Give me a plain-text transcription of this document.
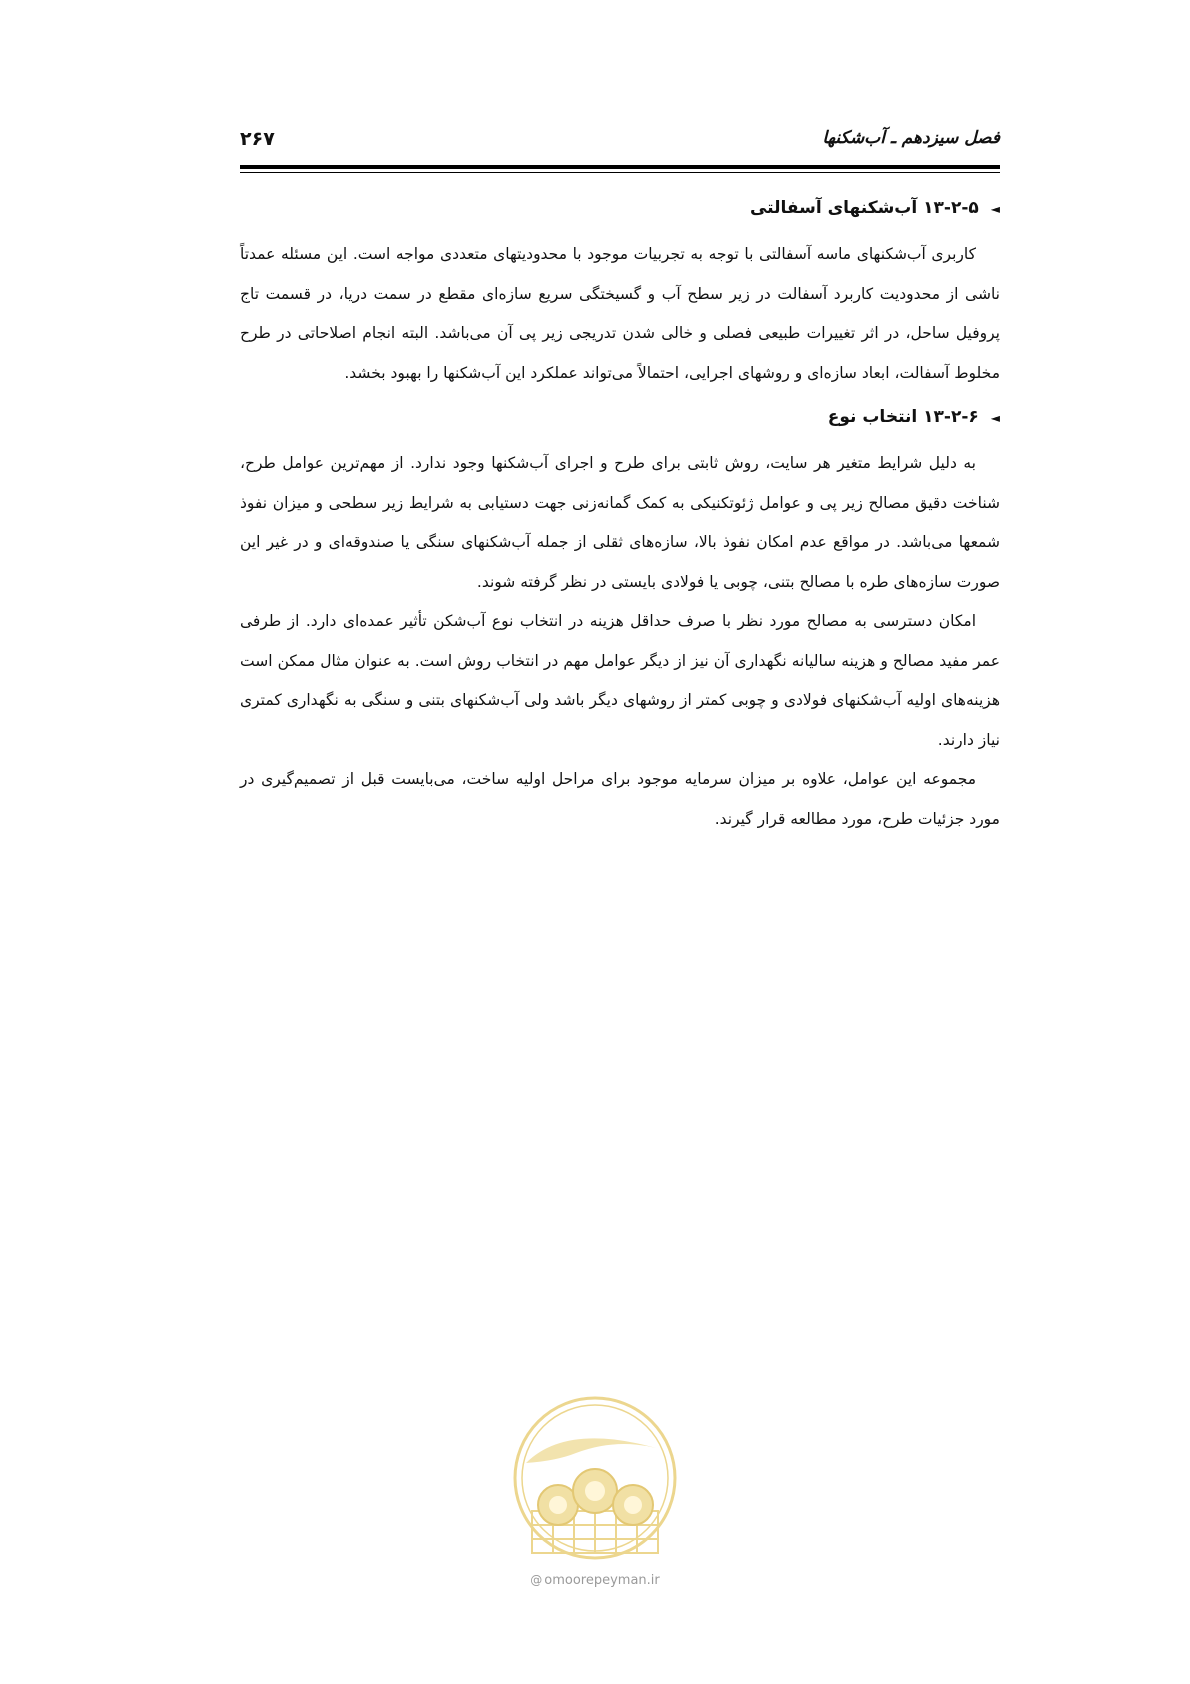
۲۶۷	فصل سیزدهم ـ آب‌شکنها
◄۱۳-۲-۵ آب‌شکنهای آسفالتی

کاربری آب‌شکنهای ماسه آسفالتی با توجه به تجربیات موجود با محدودیتهای متعددی مواجه است. این مسئله عمدتاً ناشی از محدودیت کاربرد آسفالت در زیر سطح آب و گسیختگی سریع سازه‌ای مقطع در سمت دریا، در قسمت تاج پروفیل ساحل، در اثر تغییرات طبیعی فصلی و خالی شدن تدریجی زیر پی آن می‌باشد. البته انجام اصلاحاتی در طرح مخلوط آسفالت، ابعاد سازه‌ای و روشهای اجرایی، احتمالاً می‌تواند عملکرد این آب‌شکنها را بهبود بخشد.

◄۱۳-۲-۶ انتخاب نوع

به دلیل شرایط متغیر هر سایت، روش ثابتی برای طرح و اجرای آب‌شکنها وجود ندارد. از مهم‌ترین عوامل طرح، شناخت دقیق مصالح زیر پی و عوامل ژئوتکنیکی به کمک گمانه‌زنی جهت دستیابی به شرایط زیر سطحی و میزان نفوذ شمعها می‌باشد. در مواقع عدم امکان نفوذ بالا، سازه‌های ثقلی از جمله آب‌شکنهای سنگی یا صندوقه‌ای و در غیر این صورت سازه‌های طره با مصالح بتنی، چوبی یا فولادی بایستی در نظر گرفته شوند.

امکان دسترسی به مصالح مورد نظر با صرف حداقل هزینه در انتخاب نوع آب‌شکن تأثیر عمده‌ای دارد. از طرفی عمر مفید مصالح و هزینه سالیانه نگهداری آن نیز از دیگر عوامل مهم در انتخاب روش است. به عنوان مثال ممکن است هزینه‌های اولیه آب‌شکنهای فولادی و چوبی کمتر از روشهای دیگر باشد ولی آب‌شکنهای بتنی و سنگی به نگهداری کمتری نیاز دارند.

مجموعه این عوامل، علاوه بر میزان سرمایه موجود برای مراحل اولیه ساخت، می‌بایست قبل از تصمیم‌گیری در مورد جزئیات طرح، مورد مطالعه قرار گیرند.

@ omoorepeyman.ir
